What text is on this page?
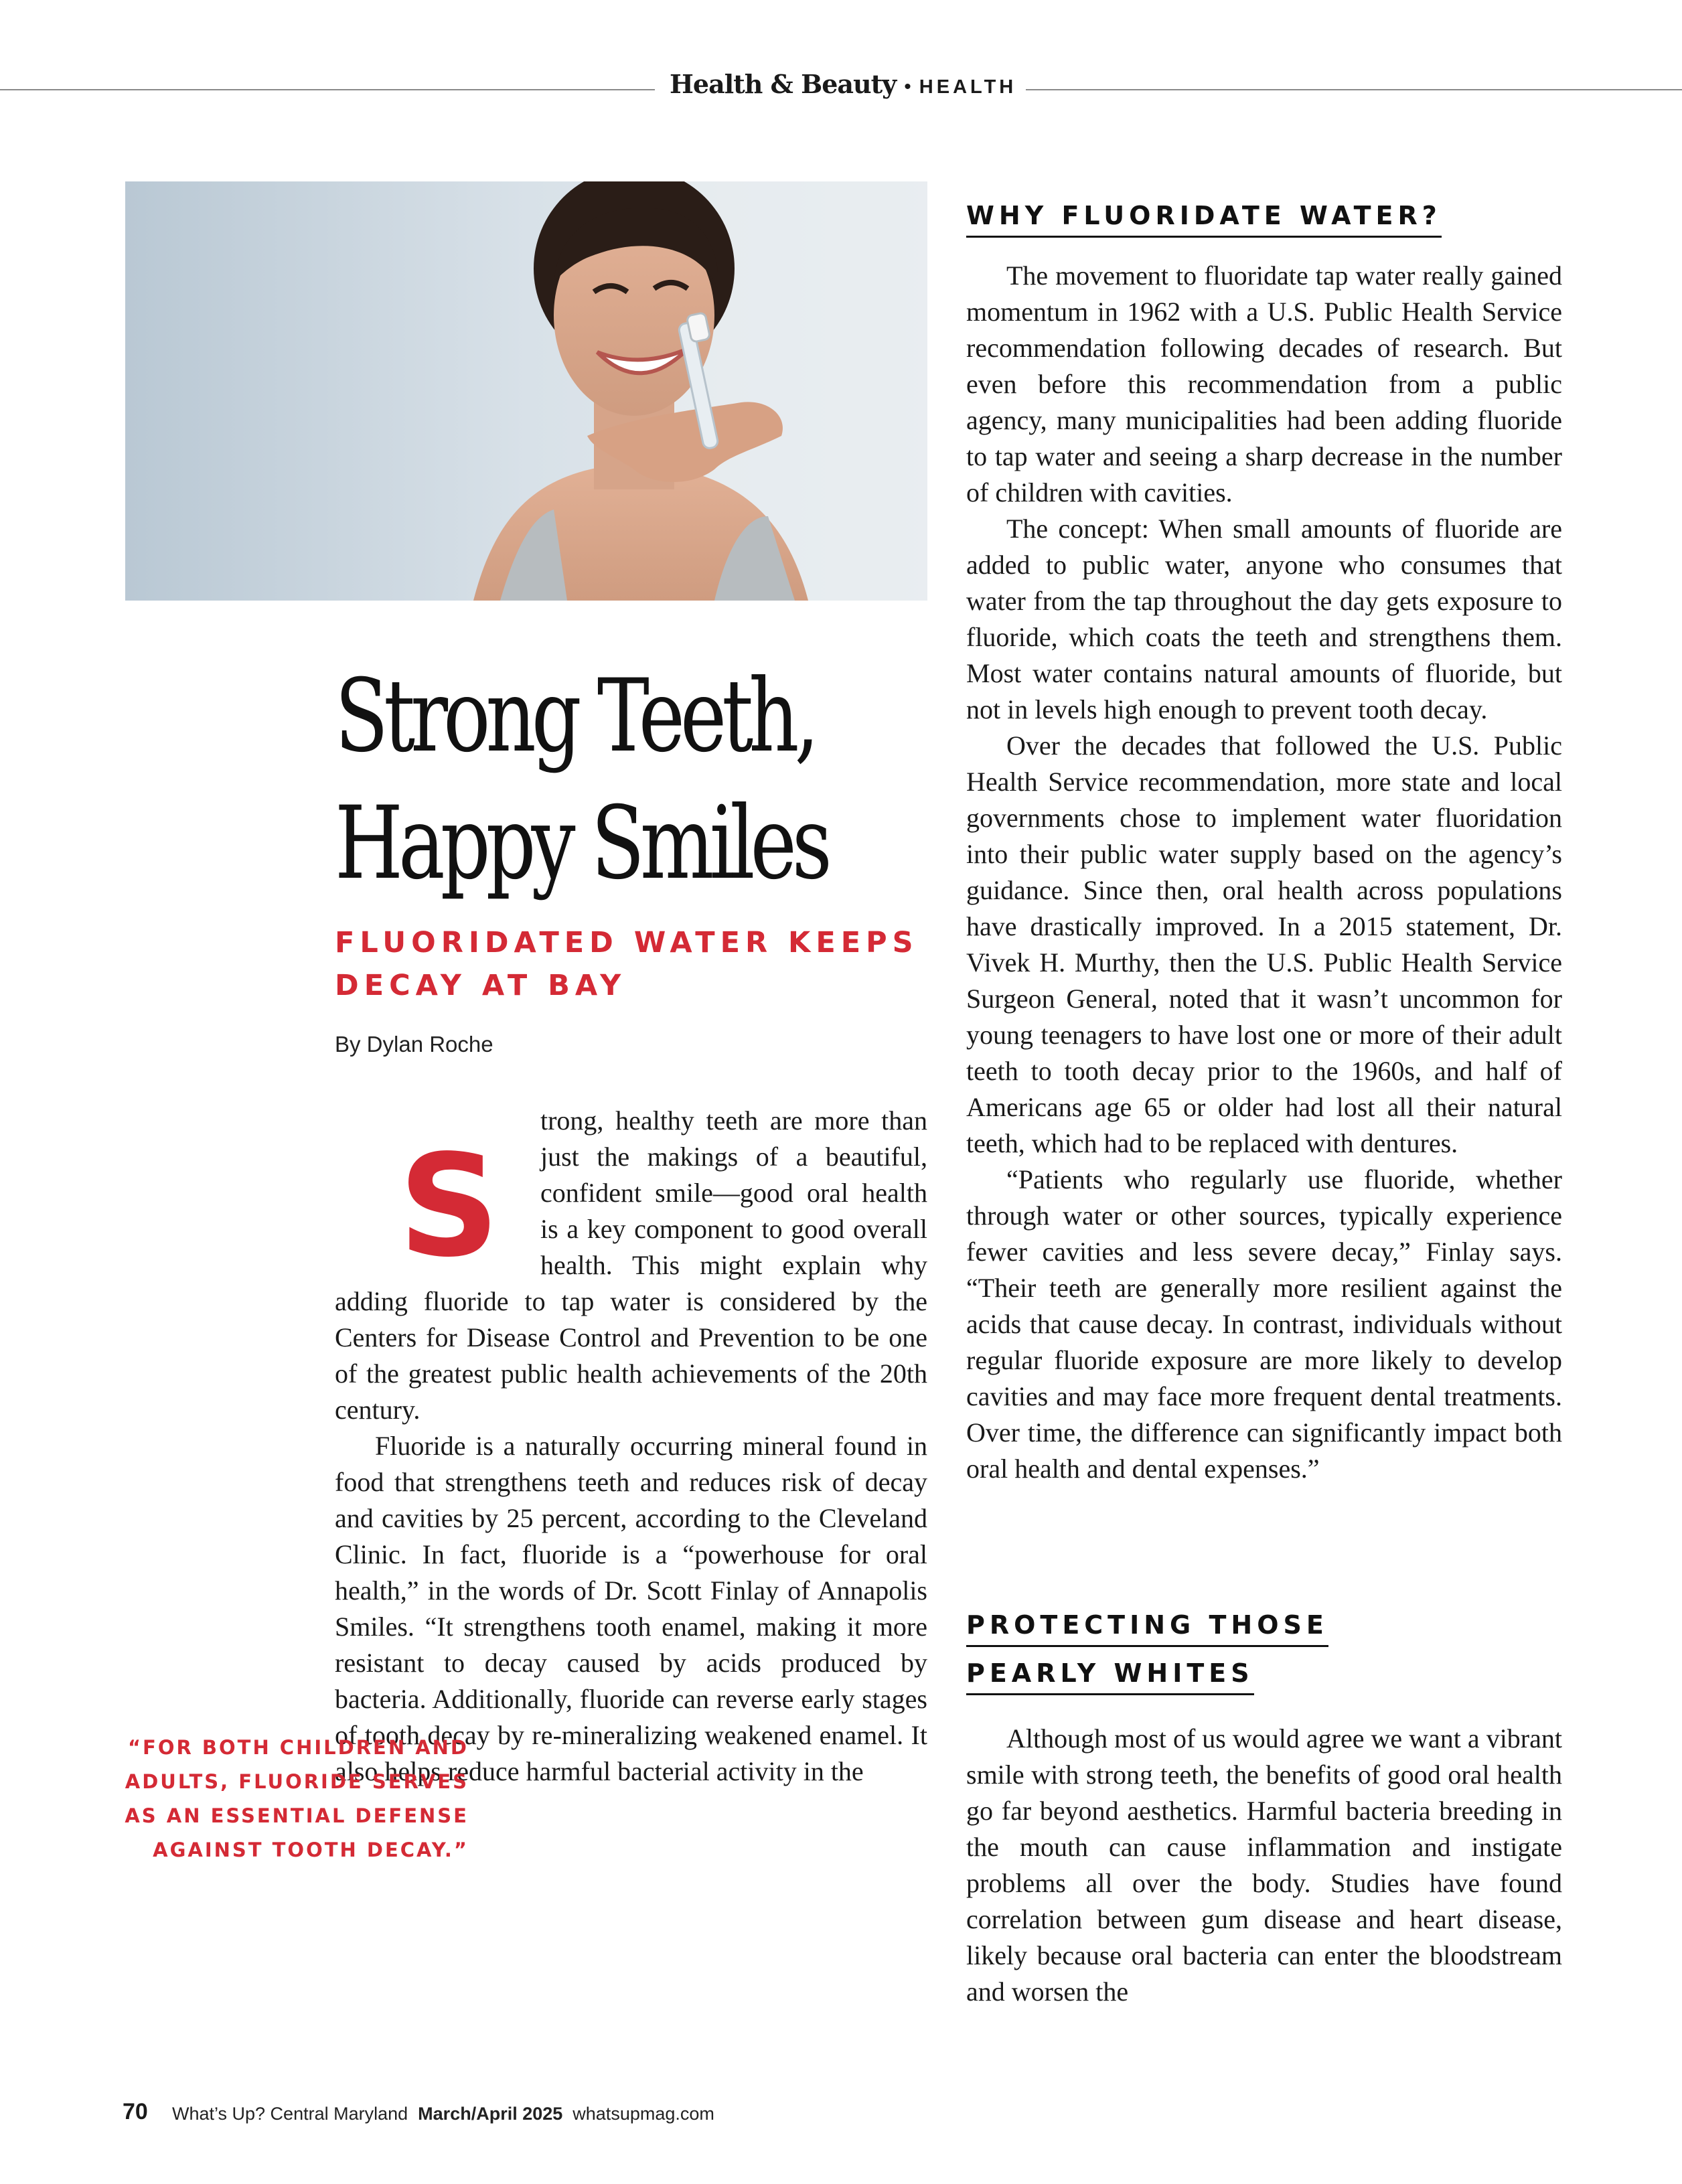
Health & Beauty • HEALTH
Strong Teeth,
Happy Smiles
FLUORIDATED WATER KEEPS DECAY AT BAY
By Dylan Roche

S
trong, healthy teeth are more than just the makings of a beautiful, confident smile—good oral health is a key component to good overall health. This might explain why adding fluoride to tap water is considered by the Centers for Disease Control and Prevention to be one of the greatest public health achievements of the 20th century.

Fluoride is a naturally occurring mineral found in food that strengthens teeth and reduces risk of decay and cavities by 25 percent, according to the Cleveland Clinic. In fact, fluoride is a “powerhouse for oral health,” in the words of Dr. Scott Finlay of Annapolis Smiles. “It strengthens tooth enamel, making it more resistant to decay caused by acids produced by bacteria. Additionally, fluoride can reverse early stages of tooth decay by re-mineralizing weakened enamel. It also helps reduce harmful bacterial activity in the

“FOR BOTH CHILDREN AND ADULTS, FLUORIDE SERVES AS AN ESSENTIAL DEFENSE AGAINST TOOTH DECAY.”

WHY FLUORIDATE WATER?

The movement to fluoridate tap water really gained momentum in 1962 with a U.S. Public Health Service recommendation following decades of research. But even before this recommendation from a public agency, many municipalities had been adding fluoride to tap water and seeing a sharp decrease in the number of children with cavities.

The concept: When small amounts of fluoride are added to public water, anyone who consumes that water from the tap throughout the day gets exposure to fluoride, which coats the teeth and strengthens them. Most water contains natural amounts of fluoride, but not in levels high enough to prevent tooth decay.

Over the decades that followed the U.S. Public Health Service recommendation, more state and local governments chose to implement water fluoridation into their public water supply based on the agency’s guidance. Since then, oral health across populations have drastically improved. In a 2015 statement, Dr. Vivek H. Murthy, then the U.S. Public Health Service Surgeon General, noted that it wasn’t uncommon for young teenagers to have lost one or more of their adult teeth to tooth decay prior to the 1960s, and half of Americans age 65 or older had lost all their natural teeth, which had to be replaced with dentures.

“Patients who regularly use fluoride, whether through water or other sources, typically experience fewer cavities and less severe decay,” Finlay says. “Their teeth are generally more resilient against the acids that cause decay. In contrast, individuals without regular fluoride exposure are more likely to develop cavities and may face more frequent dental treatments. Over time, the difference can significantly impact both oral health and dental expenses.”

PROTECTING THOSE
PEARLY WHITES

Although most of us would agree we want a vibrant smile with strong teeth, the benefits of good oral health go far beyond aesthetics. Harmful bacteria breeding in the mouth can cause inflammation and instigate problems all over the body. Studies have found correlation between gum disease and heart disease, likely because oral bacteria can enter the bloodstream and worsen the

70 What’s Up? Central Maryland March/April 2025 whatsupmag.com
